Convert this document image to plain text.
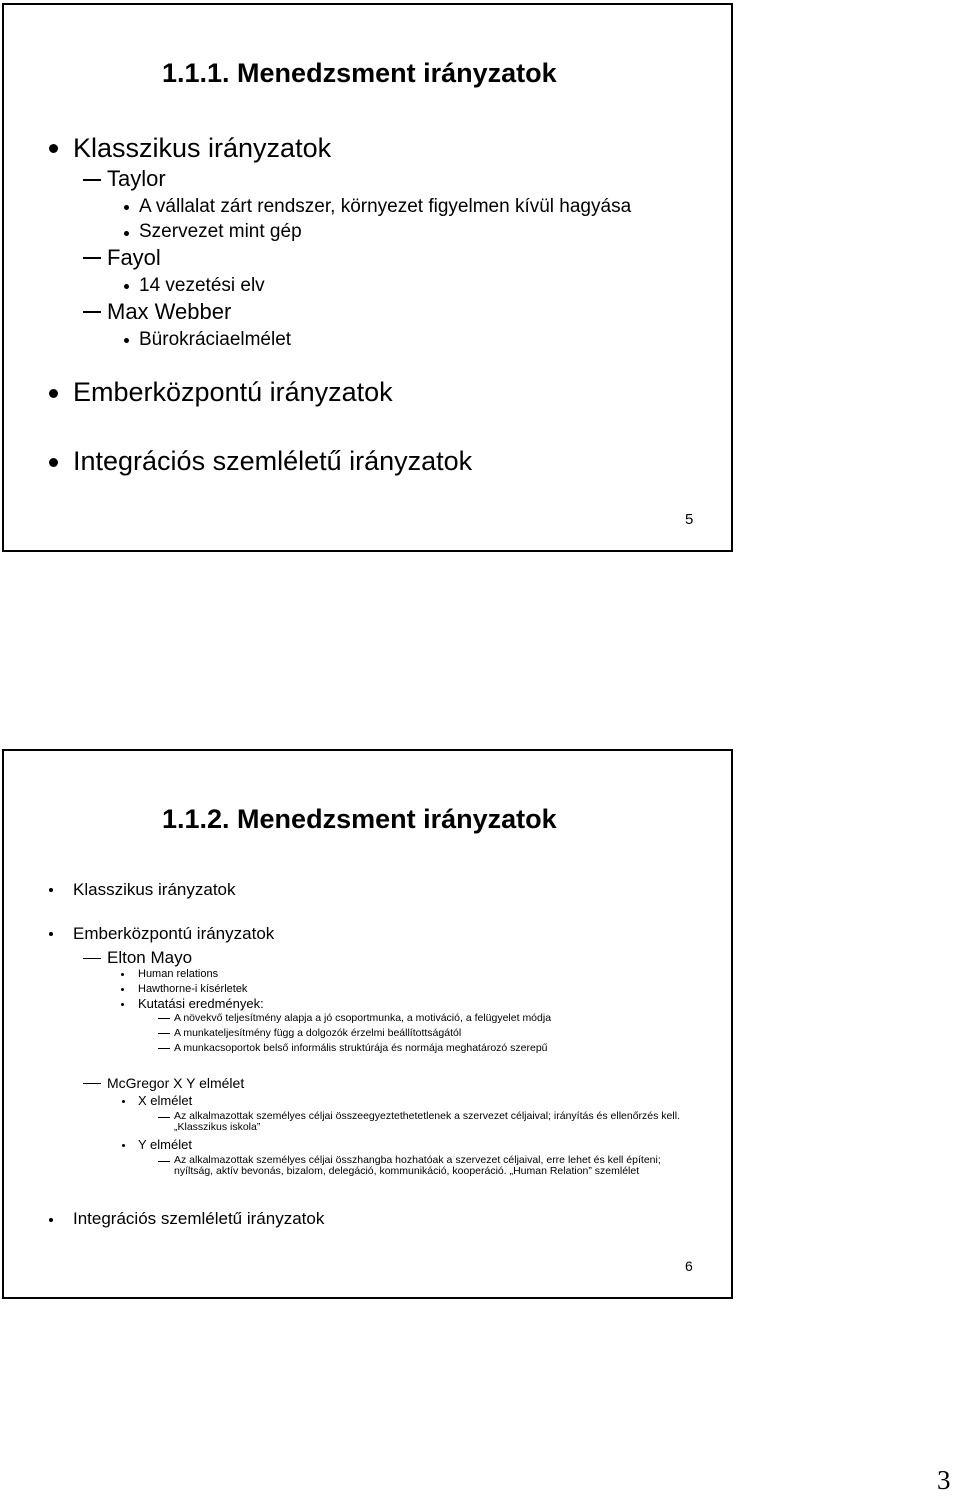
1.1.1. Menedzsment irányzatok
Klasszikus irányzatok
Taylor
A vállalat zárt rendszer, környezet figyelmen kívül hagyása
Szervezet mint gép
Fayol
14 vezetési elv
Max Webber
Bürokráciaelmélet
Emberközpontú irányzatok
Integrációs szemléletű irányzatok
5
1.1.2. Menedzsment irányzatok
Klasszikus irányzatok
Emberközpontú irányzatok
Elton Mayo
Human relations
Hawthorne-i kísérletek
Kutatási eredmények:
A növekvő teljesítmény alapja a jó csoportmunka, a motiváció, a felügyelet módja
A munkateljesítmény függ a dolgozók érzelmi beállítottságától
A munkacsoportok belső informális struktúrája és normája meghatározó szerepű
McGregor X Y elmélet
X elmélet
Az alkalmazottak személyes céljai összeegyeztethetetlenek a szervezet céljaival; irányítás és ellenőrzés kell. „Klasszikus iskola”
Y elmélet
Az alkalmazottak személyes céljai összhangba hozhatóak a szervezet céljaival, erre lehet és kell építeni; nyíltság, aktív bevonás, bizalom, delegáció, kommunikáció, kooperáció. „Human Relation” szemlélet
Integrációs szemléletű irányzatok
6
3
